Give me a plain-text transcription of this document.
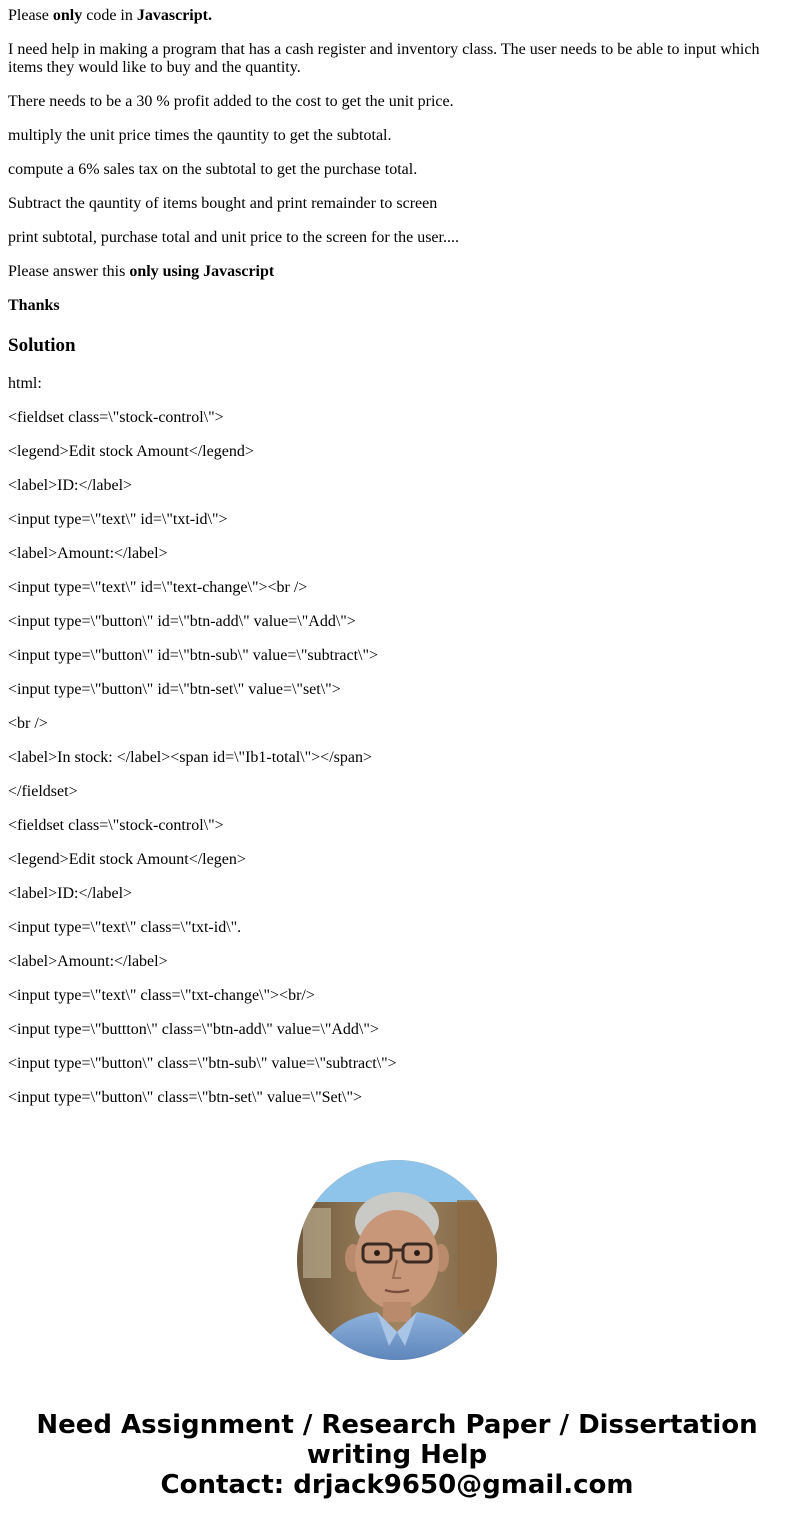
Please only code in Javascript.

I need help in making a program that has a cash register and inventory class. The user needs to be able to input which items they would like to buy and the quantity.

There needs to be a 30 % profit added to the cost to get the unit price.

multiply the unit price times the qauntity to get the subtotal.

compute a 6% sales tax on the subtotal to get the purchase total.

Subtract the qauntity of items bought and print remainder to screen

print subtotal, purchase total and unit price to the screen for the user....

Please answer this only using Javascript

Thanks

Solution

html:

<fieldset class=\"stock-control\">

<legend>Edit stock Amount</legend>

<label>ID:</label>

<input type=\"text\" id=\"txt-id\">

<label>Amount:</label>

<input type=\"text\" id=\"text-change\"><br />

<input type=\"button\" id=\"btn-add\" value=\"Add\">

<input type=\"button\" id=\"btn-sub\" value=\"subtract\">

<input type=\"button\" id=\"btn-set\" value=\"set\">

<br />

<label>In stock: </label><span id=\"Ib1-total\"></span>

</fieldset>

<fieldset class=\"stock-control\">

<legend>Edit stock Amount</legen>

<label>ID:</label>

<input type=\"text\" class=\"txt-id\".

<label>Amount:</label>

<input type=\"text\" class=\"txt-change\"><br/>

<input type=\"buttton\" class=\"btn-add\" value=\"Add\">

<input type=\"button\" class=\"btn-sub\" value=\"subtract\">

<input type=\"button\" class=\"btn-set\" value=\"Set\">

Need Assignment / Research Paper / Dissertation
writing Help
Contact: drjack9650@gmail.com
